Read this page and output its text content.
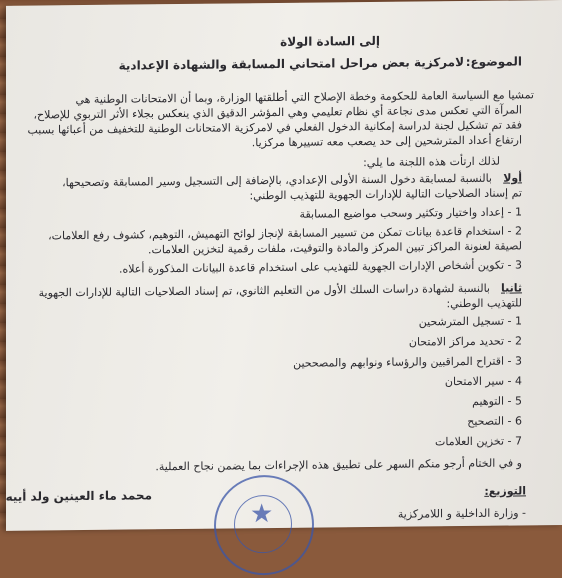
إلى السادة الولاة
الموضوع:
لامركزية بعض مراحل امتحاني المسابقة والشهادة الإعدادية
تمشيا مع السياسة العامة للحكومة وخطة الإصلاح التي أطلقتها الوزارة، وبما أن الامتحانات الوطنية هي
المرآة التي تعكس مدى نجاعة أي نظام تعليمي وهي المؤشر الدقيق الذي ينعكس بجلاء الأثر التربوي للإصلاح،
فقد تم تشكيل لجنة لدراسة إمكانية الدخول الفعلي في لامركزية الامتحانات الوطنية للتخفيف من أعبائها بسبب
ارتفاع أعداد المترشحين إلى حد يصعب معه تسييرها مركزيا.
لذلك ارتأت هذه اللجنة ما يلي:
أولا
بالنسبة لمسابقة دخول السنة الأولى الإعدادي، بالإضافة إلى التسجيل وسير المسابقة وتصحيحها،
تم إسناد الصلاحيات التالية للإدارات الجهوية للتهذيب الوطني:
1 - إعداد واختيار وتكثير وسحب مواضيع المسابقة
2 - استخدام قاعدة بيانات تمكن من تسيير المسابقة لإنجاز لوائح التهميش، التوهيم، كشوف رفع العلامات،
لصيقة لعنونة المراكز تبين المركز والمادة والتوقيت، ملفات رقمية لتخزين العلامات.
3 - تكوين أشخاص الإدارات الجهوية للتهذيب على استخدام قاعدة البيانات المذكورة أعلاه.
ثانيا
بالنسبة لشهادة دراسات السلك الأول من التعليم الثانوي، تم إسناد الصلاحيات التالية للإدارات الجهوية
للتهذيب الوطني:
1 - تسجيل المترشحين
2 - تحديد مراكز الامتحان
3 - اقتراح المراقبين والرؤساء ونوابهم والمصححين
4 - سير الامتحان
5 - التوهيم
6 - التصحيح
7 - تخزين العلامات
و في الختام أرجو منكم السهر على تطبيق هذه الإجراءات بما يضمن نجاح العملية.
محمد ماء العينين ولد أييه	التوزيع:
- وزارة الداخلية و اللامركزية
★
